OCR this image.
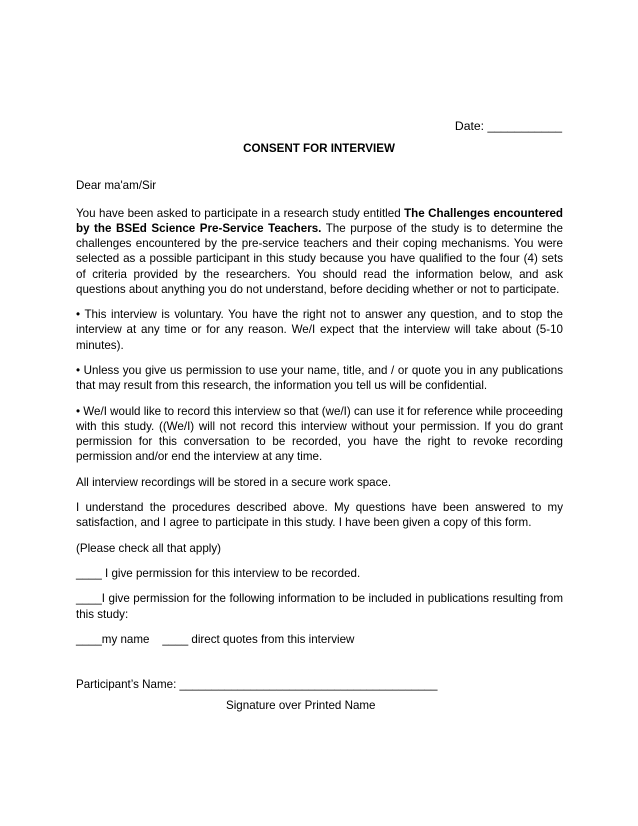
Date: ___________
CONSENT FOR INTERVIEW

Dear ma'am/Sir

You have been asked to participate in a research study entitled The Challenges encountered by the BSEd Science Pre-Service Teachers. The purpose of the study is to determine the challenges encountered by the pre-service teachers and their coping mechanisms. You were selected as a possible participant in this study because you have qualified to the four (4) sets of criteria provided by the researchers. You should read the information below, and ask questions about anything you do not understand, before deciding whether or not to participate.

• This interview is voluntary. You have the right not to answer any question, and to stop the interview at any time or for any reason. We/I expect that the interview will take about (5-10 minutes).

• Unless you give us permission to use your name, title, and / or quote you in any publications that may result from this research, the information you tell us will be confidential.

• We/I would like to record this interview so that (we/I) can use it for reference while proceeding with this study. ((We/I) will not record this interview without your permission. If you do grant permission for this conversation to be recorded, you have the right to revoke recording permission and/or end the interview at any time.

All interview recordings will be stored in a secure work space.

I understand the procedures described above. My questions have been answered to my satisfaction, and I agree to participate in this study. I have been given a copy of this form.

(Please check all that apply)

____ I give permission for this interview to be recorded.

____I give permission for the following information to be included in publications resulting from this study:

____my name    ____ direct quotes from this interview

Participant’s Name: ________________________________________
Signature over Printed Name
